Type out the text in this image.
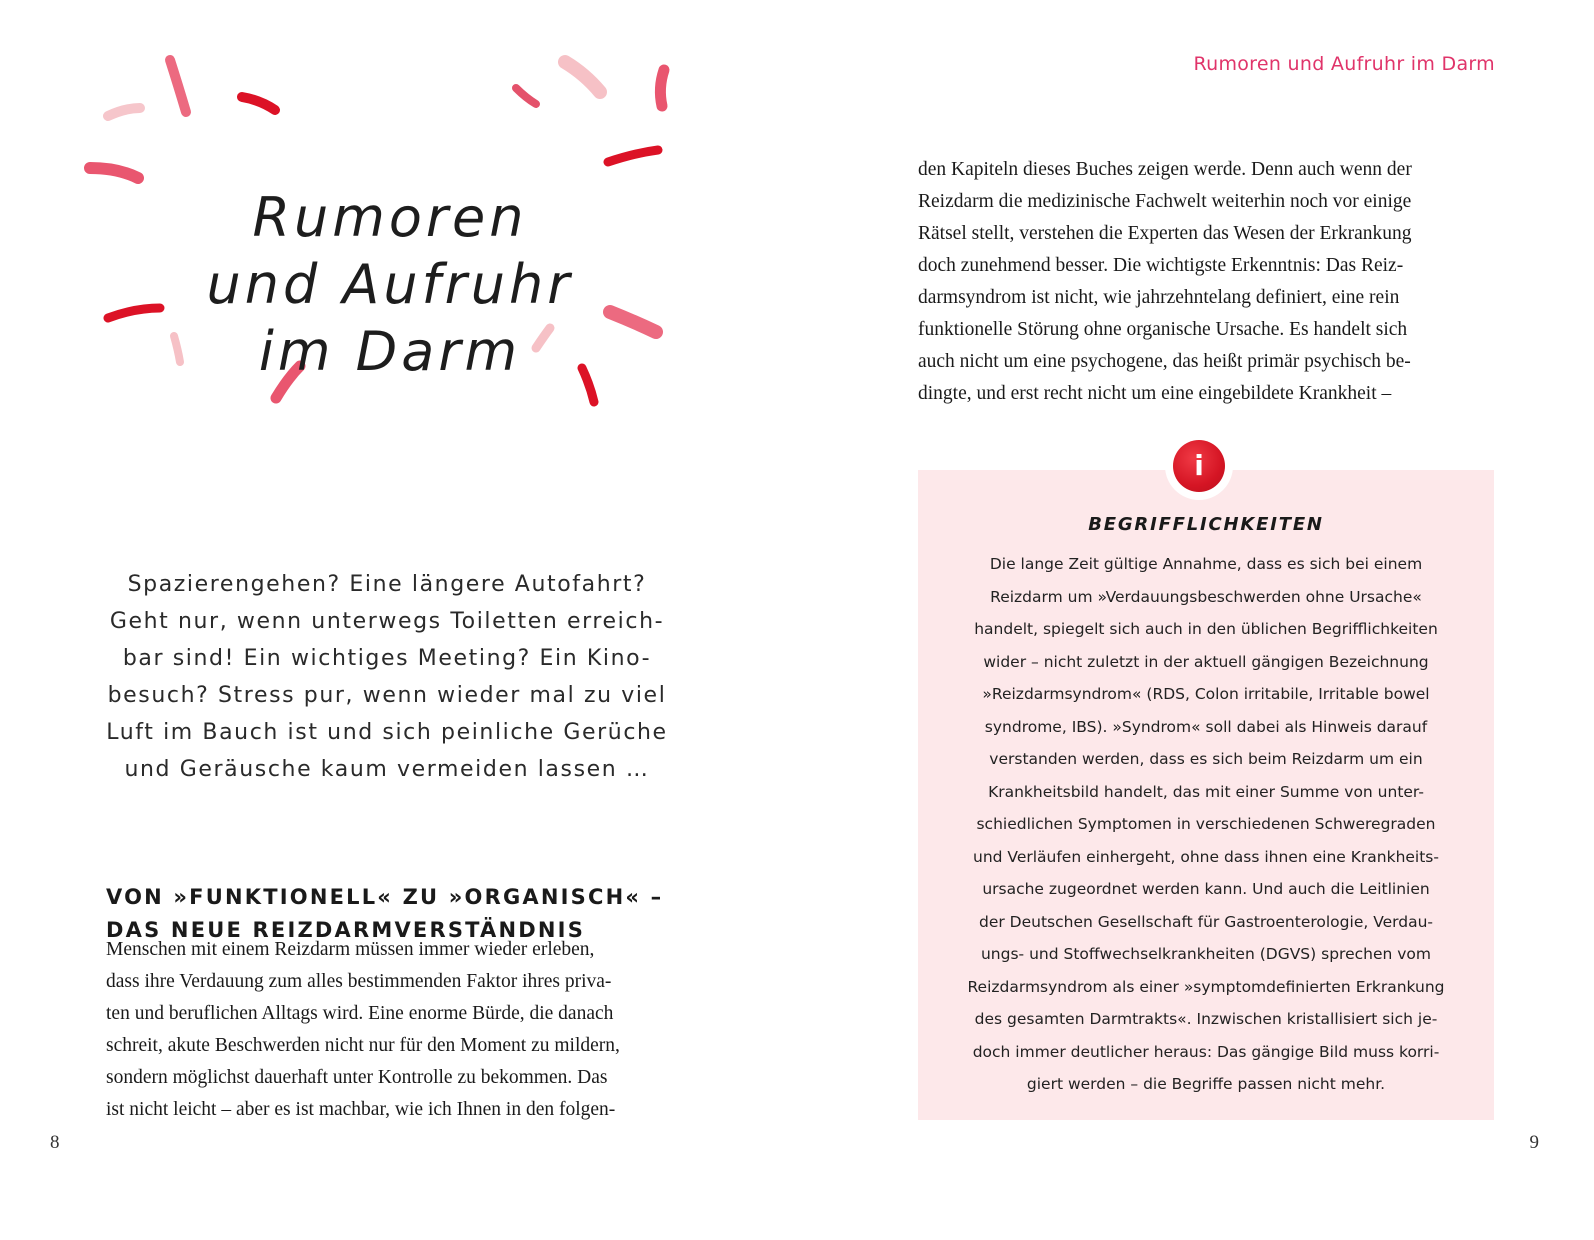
Rumoren
und Aufruhr
im Darm
Spazierengehen? Eine längere Autofahrt?
Geht nur, wenn unterwegs Toiletten erreich-
bar sind! Ein wichtiges Meeting? Ein Kino-
besuch? Stress pur, wenn wieder mal zu viel
Luft im Bauch ist und sich peinliche Gerüche
und Geräusche kaum vermeiden lassen …
VON »FUNKTIONELL« ZU »ORGANISCH« –
DAS NEUE REIZDARMVERSTÄNDNIS
Menschen mit einem Reizdarm müssen immer wieder erleben,
dass ihre Verdauung zum alles bestimmenden Faktor ihres priva-
ten und beruflichen Alltags wird. Eine enorme Bürde, die danach
schreit, akute Beschwerden nicht nur für den Moment zu mildern,
sondern möglichst dauerhaft unter Kontrolle zu bekommen. Das
ist nicht leicht – aber es ist machbar, wie ich Ihnen in den folgen-
Rumoren und Aufruhr im Darm
den Kapiteln dieses Buches zeigen werde. Denn auch wenn der
Reizdarm die medizinische Fachwelt weiterhin noch vor einige
Rätsel stellt, verstehen die Experten das Wesen der Erkrankung
doch zunehmend besser. Die wichtigste Erkenntnis: Das Reiz-
darmsyndrom ist nicht, wie jahrzehntelang definiert, eine rein
funktionelle Störung ohne organische Ursache. Es handelt sich
auch nicht um eine psychogene, das heißt primär psychisch be-
dingte, und erst recht nicht um eine eingebildete Krankheit –
i
BEGRIFFLICHKEITEN
Die lange Zeit gültige Annahme, dass es sich bei einem
Reizdarm um »Verdauungsbeschwerden ohne Ursache«
handelt, spiegelt sich auch in den üblichen Begrifflichkeiten
wider – nicht zuletzt in der aktuell gängigen Bezeichnung
»Reizdarmsyndrom« (RDS, Colon irritabile, Irritable bowel
syndrome, IBS). »Syndrom« soll dabei als Hinweis darauf
verstanden werden, dass es sich beim Reizdarm um ein
Krankheitsbild handelt, das mit einer Summe von unter-
schiedlichen Symptomen in verschiedenen Schweregraden
und Verläufen einhergeht, ohne dass ihnen eine Krankheits-
ursache zugeordnet werden kann. Und auch die Leitlinien
der Deutschen Gesellschaft für Gastroenterologie, Verdau-
ungs- und Stoffwechselkrankheiten (DGVS) sprechen vom
Reizdarmsyndrom als einer »symptomdefinierten Erkrankung
des gesamten Darmtrakts«. Inzwischen kristallisiert sich je-
doch immer deutlicher heraus: Das gängige Bild muss korri-
giert werden – die Begriffe passen nicht mehr.
8	9
